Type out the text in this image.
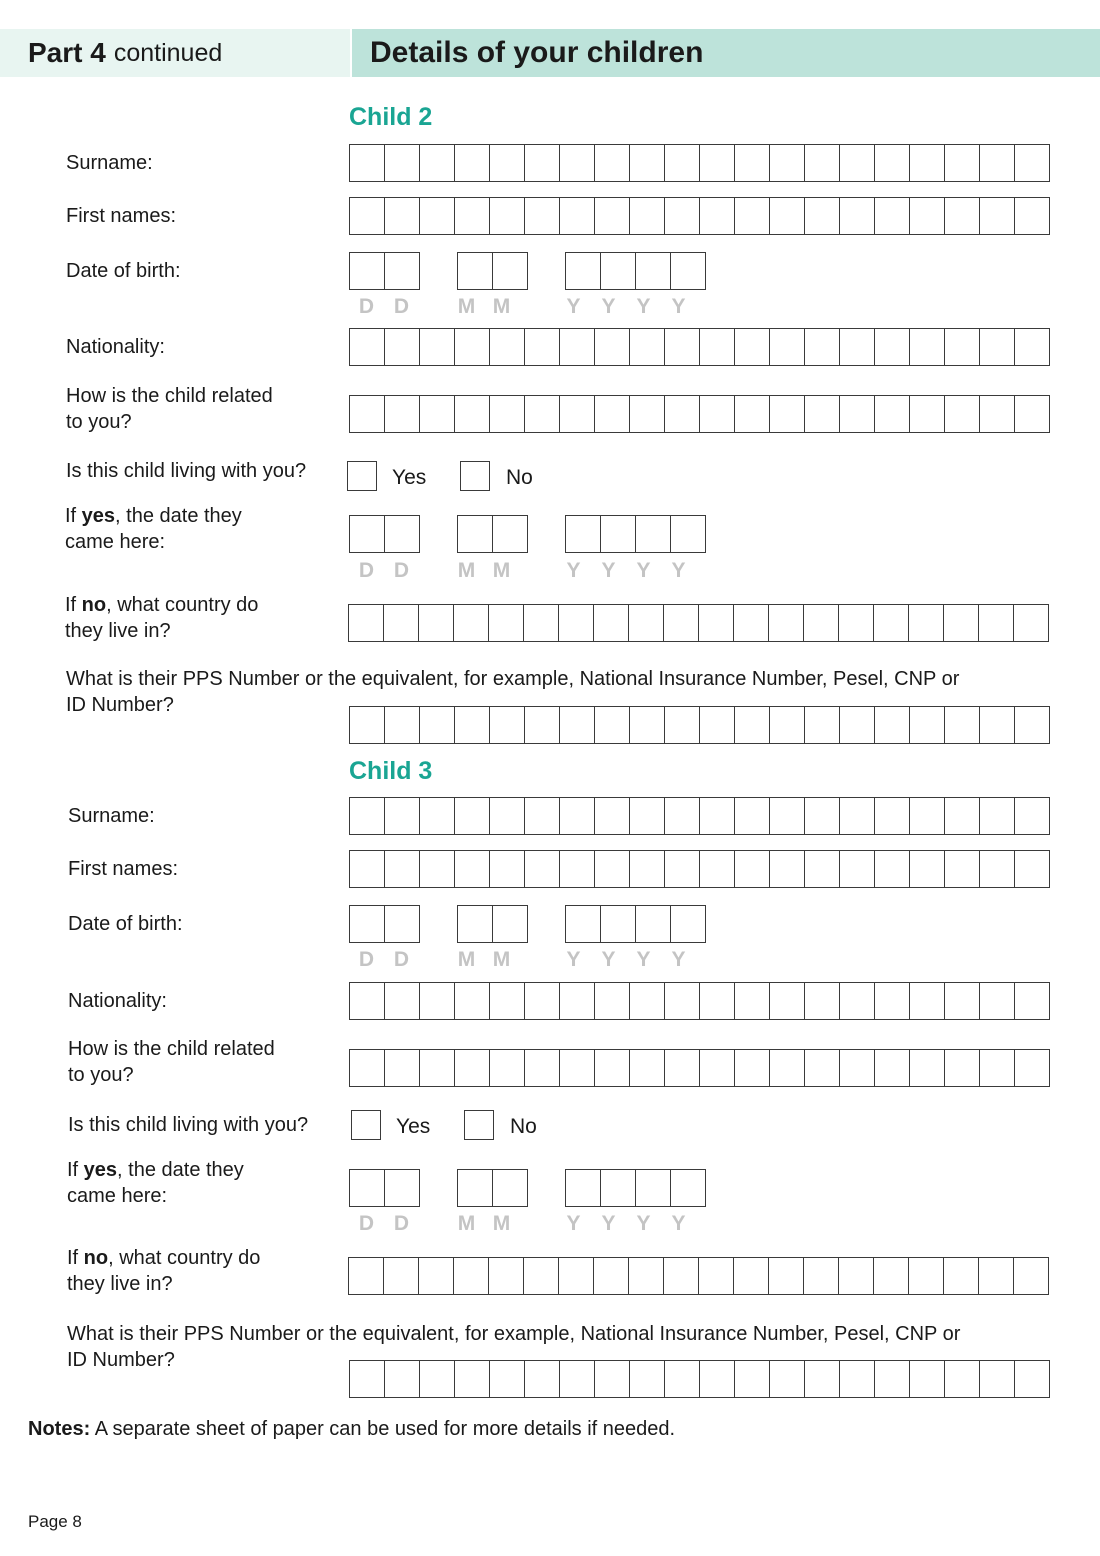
Part 4 continued	Details of your children
Child 2
Surname:
First names:
Date of birth:
D D	M M	Y Y Y Y
Nationality:
How is the child related
to you?
Is this child living with you?	Yes	No
If yes, the date they
came here:
D D	M M	Y Y Y Y
If no, what country do
they live in?
What is their PPS Number or the equivalent, for example, National Insurance Number, Pesel, CNP or
ID Number?
Child 3
Surname:
First names:
Date of birth:
D D	M M	Y Y Y Y
Nationality:
How is the child related
to you?
Is this child living with you?	Yes	No
If yes, the date they
came here:
D D	M M	Y Y Y Y
If no, what country do
they live in?
What is their PPS Number or the equivalent, for example, National Insurance Number, Pesel, CNP or
ID Number?
Notes: A separate sheet of paper can be used for more details if needed.
Page 8
